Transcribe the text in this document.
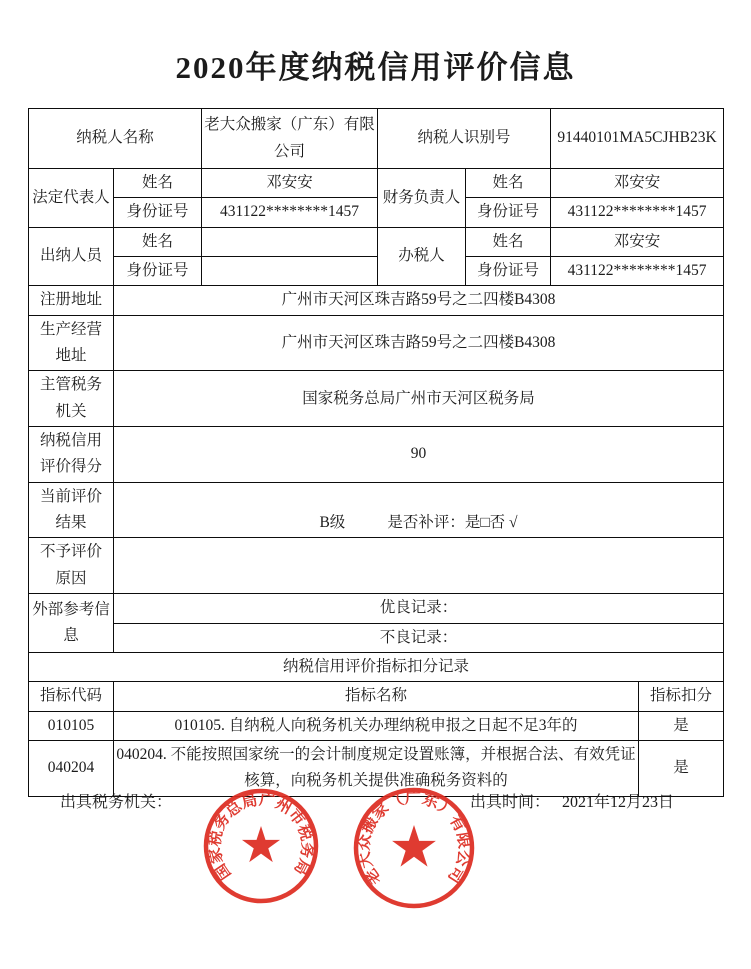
2020年度纳税信用评价信息
纳税人名称		老大众搬家（广东）有限公司	纳税人识别号		91440101MA5CJHB23K	
法定代表人	姓名	邓安安	财务负责人	姓名	邓安安	
	身份证号	431122********1457		身份证号	431122********1457	
出纳人员	姓名		办税人	姓名	邓安安	
	身份证号			身份证号	431122********1457	
注册地址	广州市天河区珠吉路59号之二四楼B4308					
生产经营
地址	广州市天河区珠吉路59号之二四楼B4308					
主管税务
机关	国家税务总局广州市天河区税务局					
纳税信用
评价得分	90					
当前评价
结果	B级 是否补评：是□否 √					

不予评价
原因						
外部参考信
息	优良记录：					
	不良记录：					
纳税信用评价指标扣分记录						
指标代码	指标名称					指标扣分
010105	010105. 自纳税人向税务机关办理纳税申报之日起不足3年的					是
040204	040204. 不能按照国家统一的会计制度规定设置账簿，并根据合法、有效凭证核算，向税务机关提供准确税务资料的					是
出具税务机关：	出具时间： 2021年12月23日
国家税务总局广州市税务局	老大众搬家（广东）有限公司
